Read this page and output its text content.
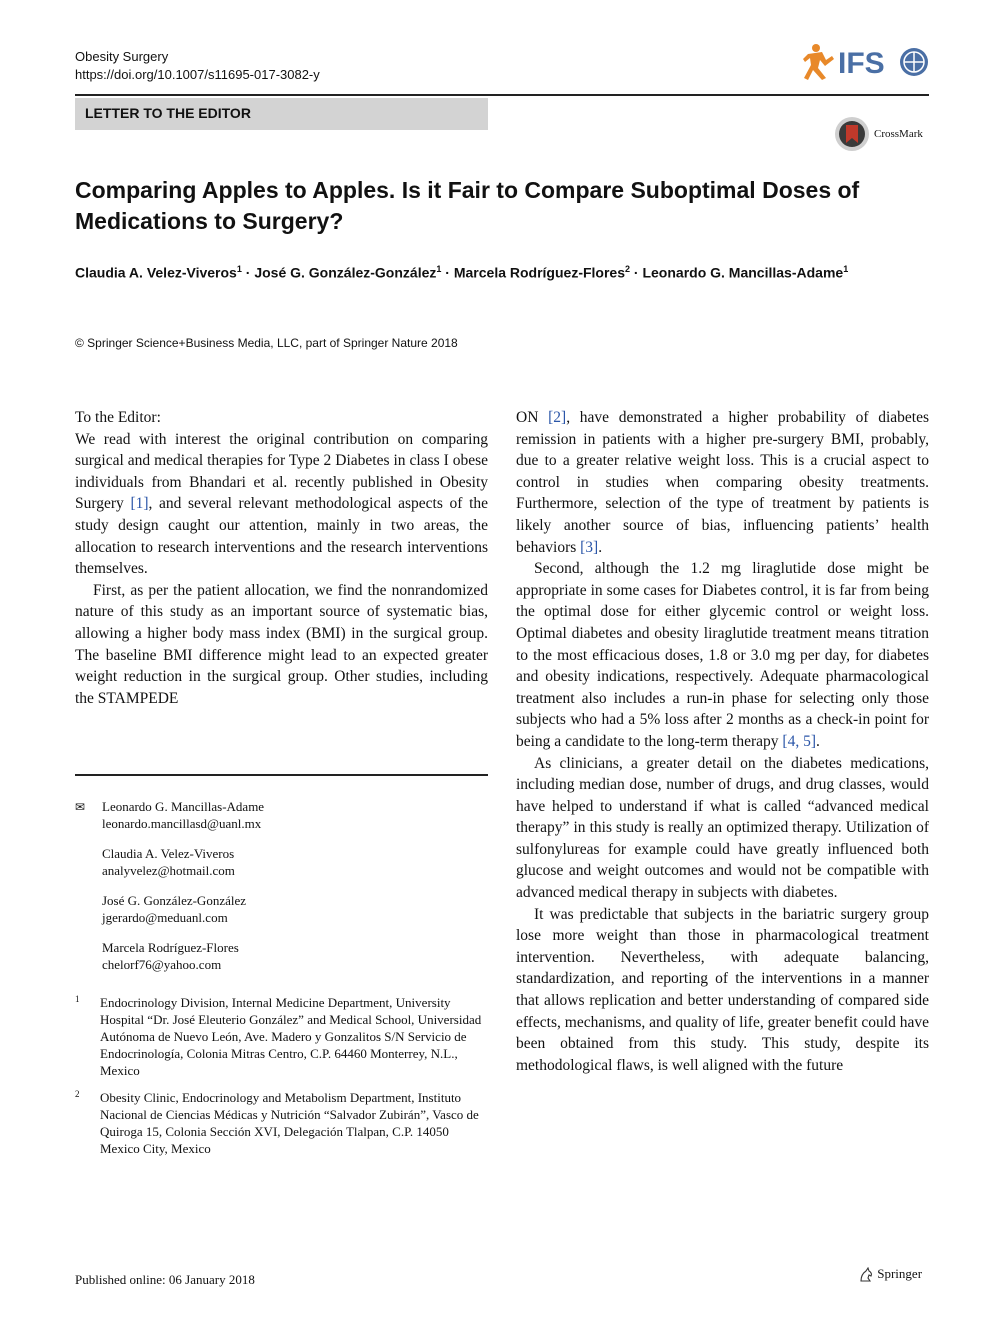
Obesity Surgery
https://doi.org/10.1007/s11695-017-3082-y	IFS
LETTER TO THE EDITOR
CrossMark
Comparing Apples to Apples. Is it Fair to Compare Suboptimal Doses of Medications to Surgery?
Claudia A. Velez-Viveros$^1$ · José G. González-González$^1$ · Marcela Rodríguez-Flores$^2$ · Leonardo G. Mancillas-Adame$^1$
© Springer Science+Business Media, LLC, part of Springer Nature 2018

To the Editor:

We read with interest the original contribution on comparing surgical and medical therapies for Type 2 Diabetes in class I obese individuals from Bhandari et al. recently published in Obesity Surgery [1], and several relevant methodological aspects of the study design caught our attention, mainly in two areas, the allocation to research interventions and the research interventions themselves.

First, as per the patient allocation, we find the nonrandomized nature of this study as an important source of systematic bias, allowing a higher body mass index (BMI) in the surgical group. The baseline BMI difference might lead to an expected greater weight reduction in the surgical group. Other studies, including the STAMPEDE

ON [2], have demonstrated a higher probability of diabetes remission in patients with a higher pre-surgery BMI, probably, due to a greater relative weight loss. This is a crucial aspect to control in studies when comparing obesity treatments. Furthermore, selection of the type of treatment by patients is likely another source of bias, influencing patients’ health behaviors [3].

Second, although the 1.2 mg liraglutide dose might be appropriate in some cases for Diabetes control, it is far from being the optimal dose for either glycemic control or weight loss. Optimal diabetes and obesity liraglutide treatment means titration to the most efficacious doses, 1.8 or 3.0 mg per day, for diabetes and obesity indications, respectively. Adequate pharmacological treatment also includes a run-in phase for selecting only those subjects who had a 5% loss after 2 months as a check-in point for being a candidate to the long-term therapy [4, 5].

As clinicians, a greater detail on the diabetes medications, including median dose, number of drugs, and drug classes, would have helped to understand if what is called “advanced medical therapy” in this study is really an optimized therapy. Utilization of sulfonylureas for example could have greatly influenced both glucose and weight outcomes and would not be compatible with advanced medical therapy in subjects with diabetes.

It was predictable that subjects in the bariatric surgery group lose more weight than those in pharmacological treatment intervention. Nevertheless, with adequate balancing, standardization, and reporting of the interventions in a manner that allows replication and better understanding of compared side effects, mechanisms, and quality of life, greater benefit could have been obtained from this study. This study, despite its methodological flaws, is well aligned with the future

✉ Leonardo G. Mancillas-Adame
leonardo.mancillasd@uanl.mx
Claudia A. Velez-Viveros
analyvelez@hotmail.com
José G. González-González
jgerardo@meduanl.com
Marcela Rodríguez-Flores
chelorf76@yahoo.com
1 Endocrinology Division, Internal Medicine Department, University Hospital “Dr. José Eleuterio González” and Medical School, Universidad Autónoma de Nuevo León, Ave. Madero y Gonzalitos S/N Servicio de Endocrinología, Colonia Mitras Centro, C.P. 64460 Monterrey, N.L., Mexico
2 Obesity Clinic, Endocrinology and Metabolism Department, Instituto Nacional de Ciencias Médicas y Nutrición “Salvador Zubirán”, Vasco de Quiroga 15, Colonia Sección XVI, Delegación Tlalpan, C.P. 14050 Mexico City, Mexico
Published online: 06 January 2018	Springer
